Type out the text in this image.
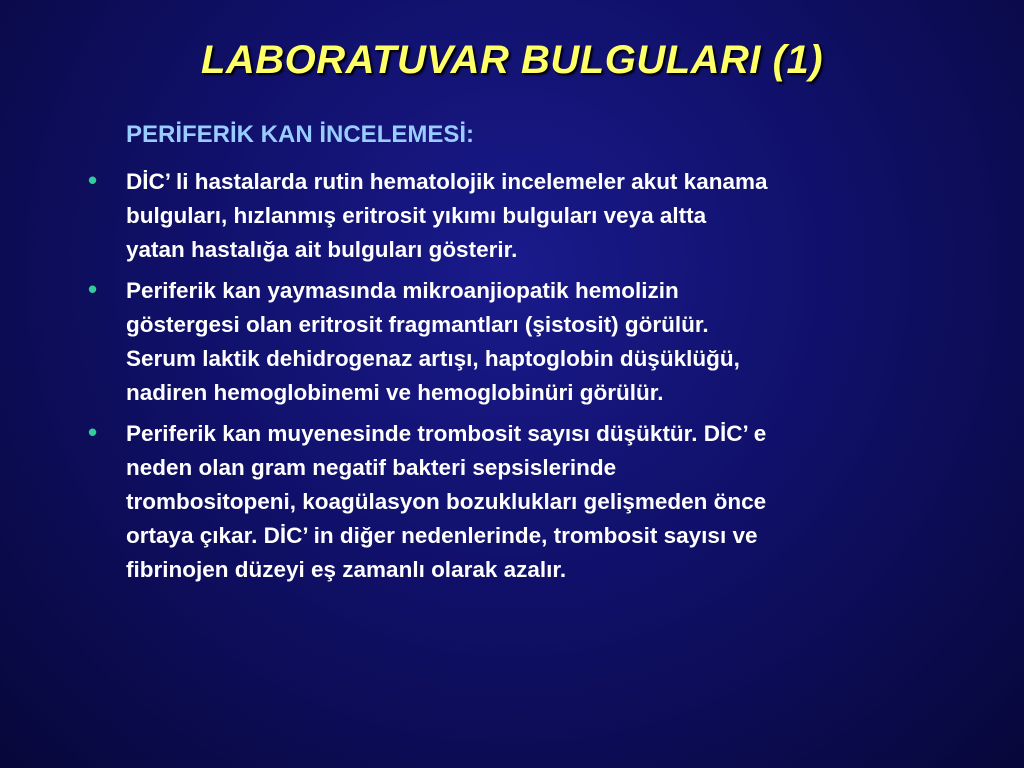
LABORATUVAR BULGULARI (1)
PERİFERİK KAN İNCELEMESİ:
• DİC’ li hastalarda rutin hematolojik incelemeler akut kanama
bulguları, hızlanmış eritrosit yıkımı bulguları veya altta
yatan hastalığa ait bulguları gösterir.
• Periferik kan yaymasında mikroanjiopatik hemolizin
göstergesi olan eritrosit fragmantları (şistosit) görülür.
Serum laktik dehidrogenaz artışı, haptoglobin düşüklüğü,
nadiren hemoglobinemi ve hemoglobinüri görülür.
• Periferik kan muyenesinde trombosit sayısı düşüktür. DİC’ e
neden olan gram negatif bakteri sepsislerinde
trombositopeni, koagülasyon bozuklukları gelişmeden önce
ortaya çıkar. DİC’ in diğer nedenlerinde, trombosit sayısı ve
fibrinojen düzeyi eş zamanlı olarak azalır.
